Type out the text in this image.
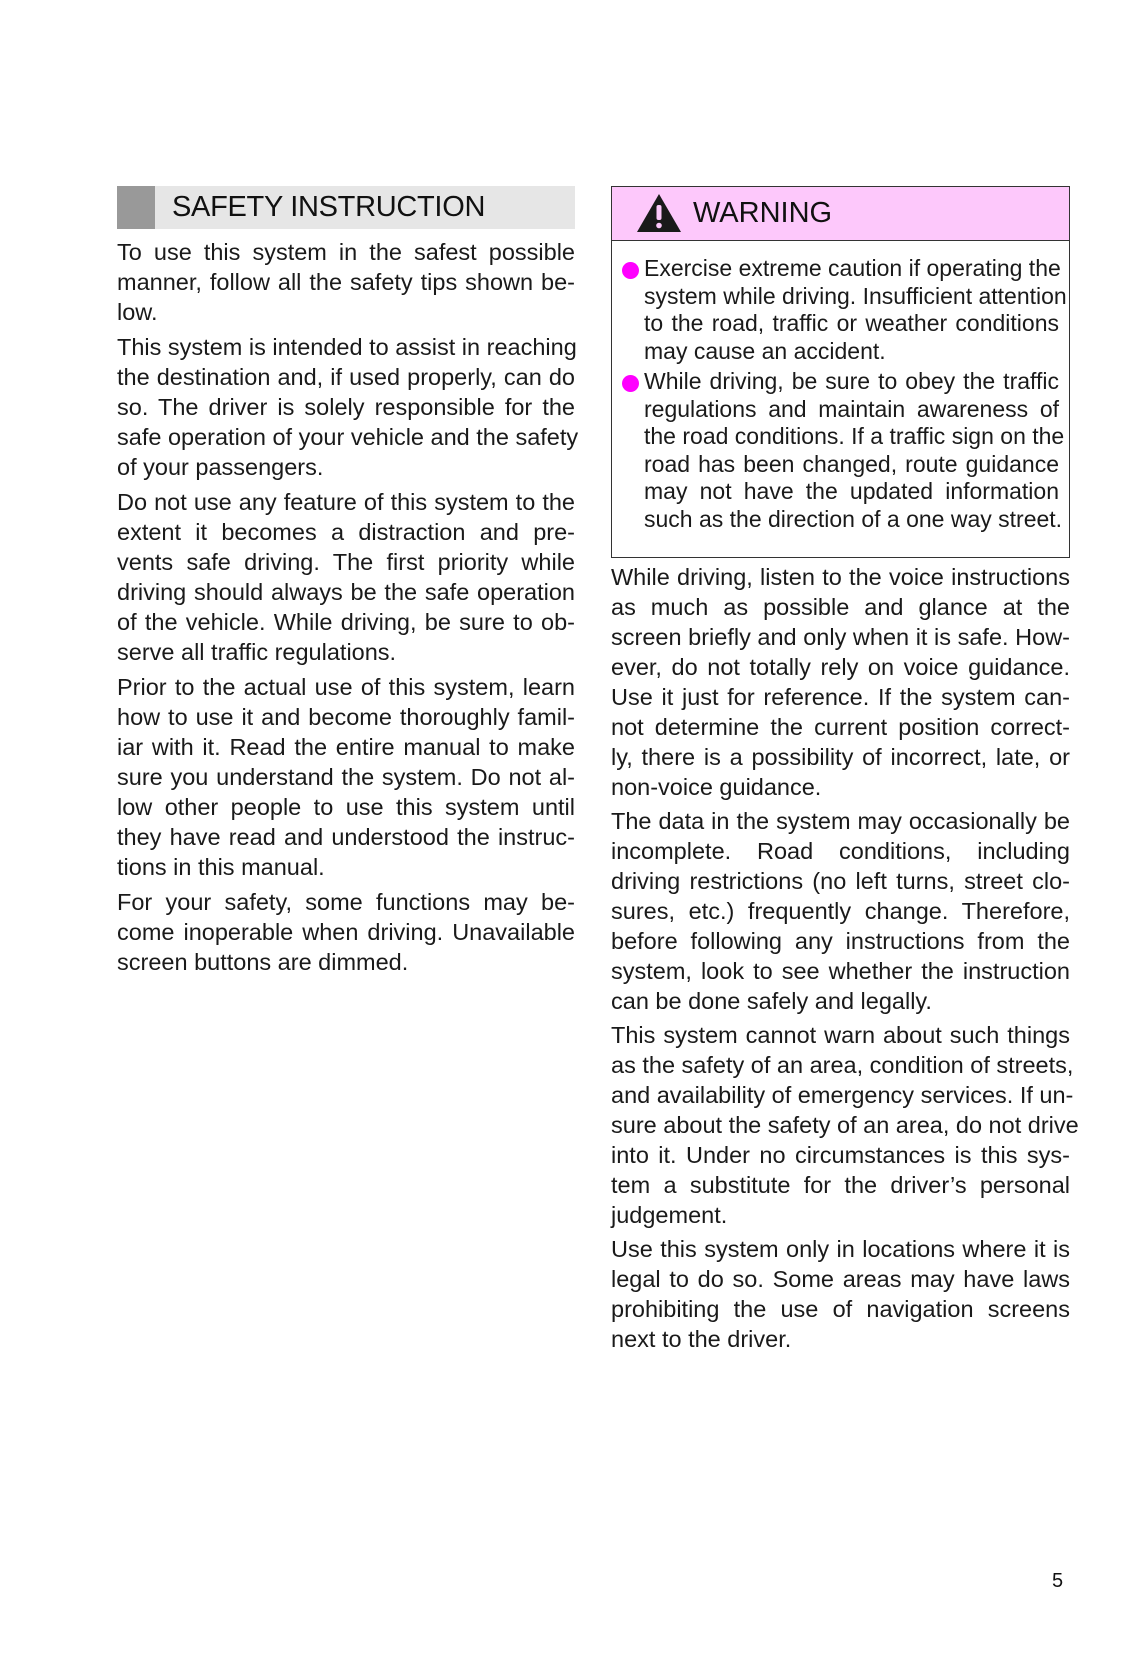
SAFETY INSTRUCTION

To use this system in the safest possible
manner, follow all the safety tips shown be-
low.

This system is intended to assist in reaching
the destination and, if used properly, can do
so. The driver is solely responsible for the
safe operation of your vehicle and the safety
of your passengers.

Do not use any feature of this system to the
extent it becomes a distraction and pre-
vents safe driving. The first priority while
driving should always be the safe operation
of the vehicle. While driving, be sure to ob-
serve all traffic regulations.

Prior to the actual use of this system, learn
how to use it and become thoroughly famil-
iar with it. Read the entire manual to make
sure you understand the system. Do not al-
low other people to use this system until
they have read and understood the instruc-
tions in this manual.

For your safety, some functions may be-
come inoperable when driving. Unavailable
screen buttons are dimmed.

WARNING
Exercise extreme caution if operating the
system while driving. Insufficient attention
to the road, traffic or weather conditions
may cause an accident.
While driving, be sure to obey the traffic
regulations and maintain awareness of
the road conditions. If a traffic sign on the
road has been changed, route guidance
may not have the updated information
such as the direction of a one way street.

While driving, listen to the voice instructions
as much as possible and glance at the
screen briefly and only when it is safe. How-
ever, do not totally rely on voice guidance.
Use it just for reference. If the system can-
not determine the current position correct-
ly, there is a possibility of incorrect, late, or
non-voice guidance.

The data in the system may occasionally be
incomplete. Road conditions, including
driving restrictions (no left turns, street clo-
sures, etc.) frequently change. Therefore,
before following any instructions from the
system, look to see whether the instruction
can be done safely and legally.

This system cannot warn about such things
as the safety of an area, condition of streets,
and availability of emergency services. If un-
sure about the safety of an area, do not drive
into it. Under no circumstances is this sys-
tem a substitute for the driver’s personal
judgement.

Use this system only in locations where it is
legal to do so. Some areas may have laws
prohibiting the use of navigation screens
next to the driver.

5
